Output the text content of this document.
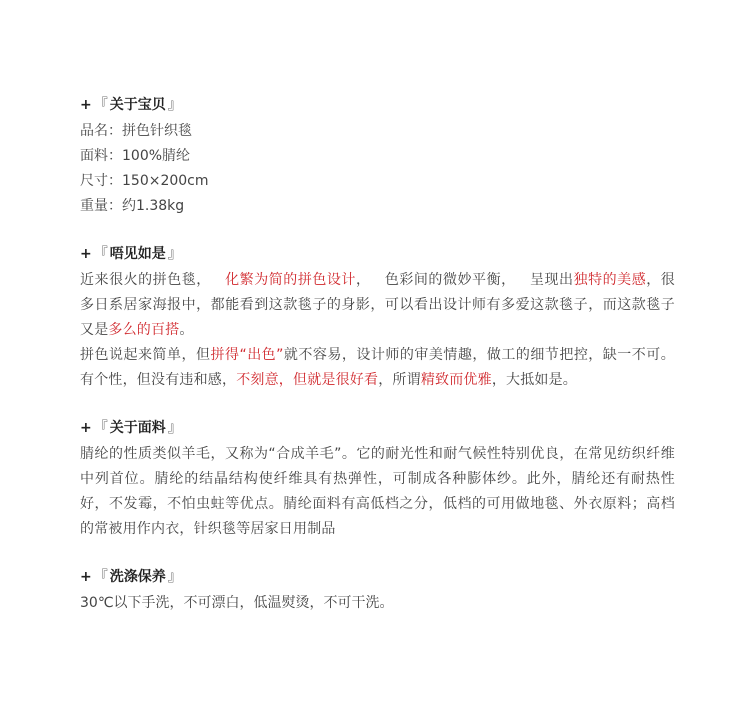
+ 『 关于宝贝 』
品名：拼色针织毯
面料：100%腈纶
尺寸：150×200cm
重量：约1.38kg
+ 『 唔见如是 』
近来很火的拼色毯， 化繁为简的拼色设计， 色彩间的微妙平衡， 呈现出独特的美感，很多日系居家海报中，都能看到这款毯子的身影，可以看出设计师有多爱这款毯子，而这款毯子又是多么的百搭。
拼色说起来简单，但拼得“出色”就不容易，设计师的审美情趣，做工的细节把控，缺一不可。有个性，但没有违和感，不刻意，但就是很好看，所谓精致而优雅，大抵如是。
+ 『 关于面料 』
腈纶的性质类似羊毛，又称为“合成羊毛”。它的耐光性和耐气候性特别优良，在常见纺织纤维中列首位。腈纶的结晶结构使纤维具有热弹性，可制成各种膨体纱。此外，腈纶还有耐热性好，不发霉，不怕虫蛀等优点。腈纶面料有高低档之分，低档的可用做地毯、外衣原料；高档的常被用作内衣，针织毯等居家日用制品
+ 『 洗涤保养 』
30℃以下手洗，不可漂白，低温熨烫，不可干洗。
